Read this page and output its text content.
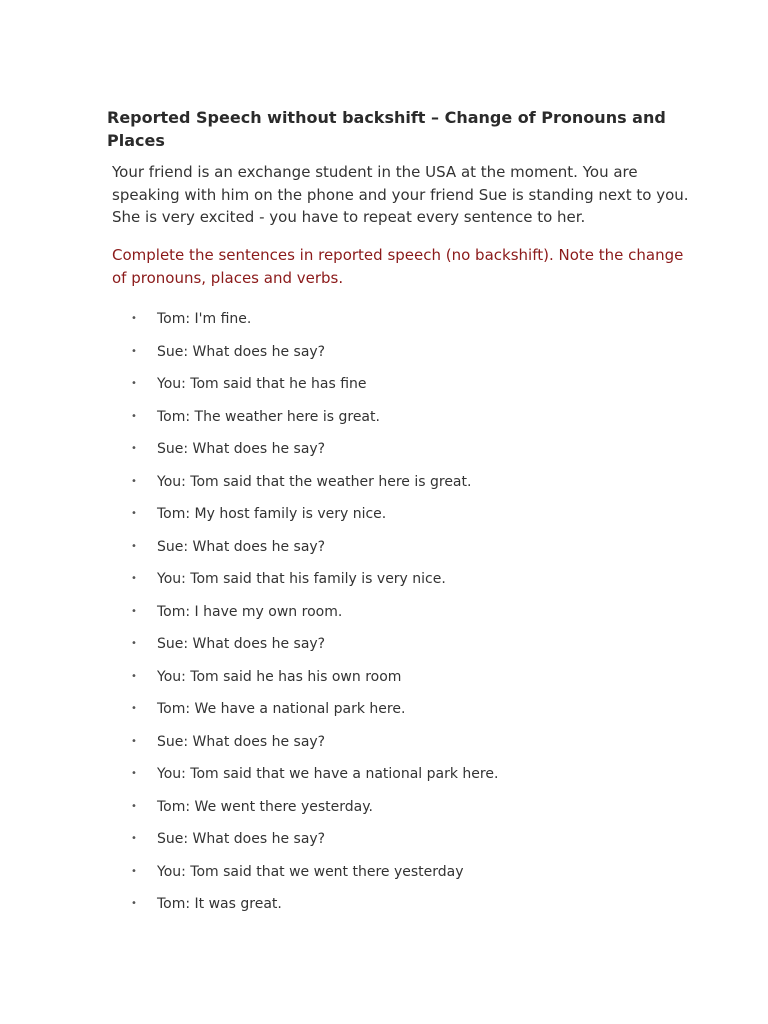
Reported Speech without backshift – Change of Pronouns and
Places

Your friend is an exchange student in the USA at the moment. You are
speaking with him on the phone and your friend Sue is standing next to you.
She is very excited - you have to repeat every sentence to her.

Complete the sentences in reported speech (no backshift). Note the change
of pronouns, places and verbs.

• Tom: I'm fine.
• Sue: What does he say?
• You: Tom said that he has fine
• Tom: The weather here is great.
• Sue: What does he say?
• You: Tom said that the weather here is great.
• Tom: My host family is very nice.
• Sue: What does he say?
• You: Tom said that his family is very nice.
• Tom: I have my own room.
• Sue: What does he say?
• You: Tom said he has his own room
• Tom: We have a national park here.
• Sue: What does he say?
• You: Tom said that we have a national park here.
• Tom: We went there yesterday.
• Sue: What does he say?
• You: Tom said that we went there yesterday
• Tom: It was great.
